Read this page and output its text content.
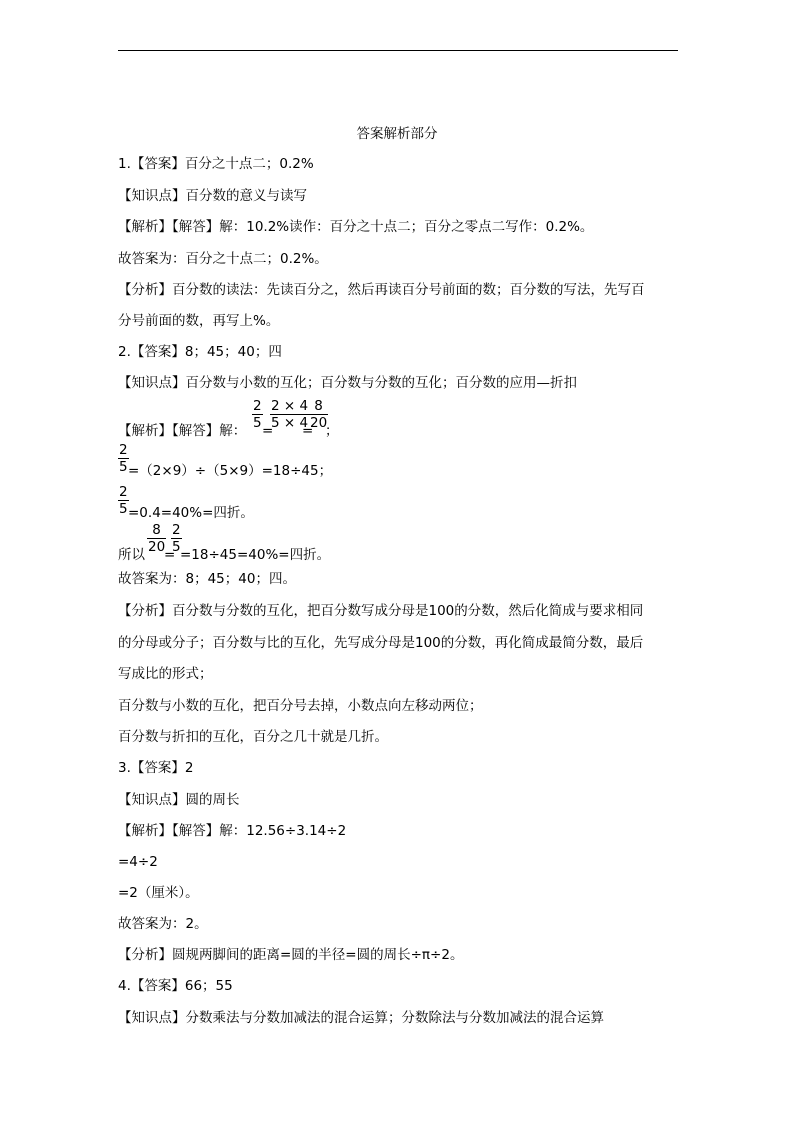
答案解析部分
1.【答案】百分之十点二；0.2%
【知识点】百分数的意义与读写
【解析】【解答】解：10.2%读作：百分之十点二；百分之零点二写作：0.2%。
故答案为：百分之十点二；0.2%。
【分析】百分数的读法：先读百分之，然后再读百分号前面的数；百分数的写法，先写百
分号前面的数，再写上%。
2.【答案】8；45；40；四
【知识点】百分数与小数的互化；百分数与分数的互化；百分数的应用—折扣
【解析】【解答】解： $\frac{2}{5}$ =
$\frac{2 \times 4}{5 \times 4}$
=
$\frac{8}{20}$
；
$\frac{2}{5} =(2\times 9)\div(5\times 9)=18\div 45$；
$\frac{2}{5} =0.4=40\%=$四折。
所以 $\frac{8}{20}$
=
$\frac{2}{5}$
=18÷45=40%=四折。
故答案为：8；45；40；四。
【分析】百分数与分数的互化，把百分数写成分母是100的分数，然后化简成与要求相同
的分母或分子；百分数与比的互化，先写成分母是100的分数，再化简成最简分数，最后
写成比的形式；
百分数与小数的互化，把百分号去掉，小数点向左移动两位；
百分数与折扣的互化，百分之几十就是几折。
3.【答案】2
【知识点】圆的周长
【解析】【解答】解：12.56÷3.14÷2
=4÷2
=2（厘米）。
故答案为：2。
【分析】圆规两脚间的距离=圆的半径=圆的周长÷π÷2。
4.【答案】66；55
【知识点】分数乘法与分数加减法的混合运算；分数除法与分数加减法的混合运算
